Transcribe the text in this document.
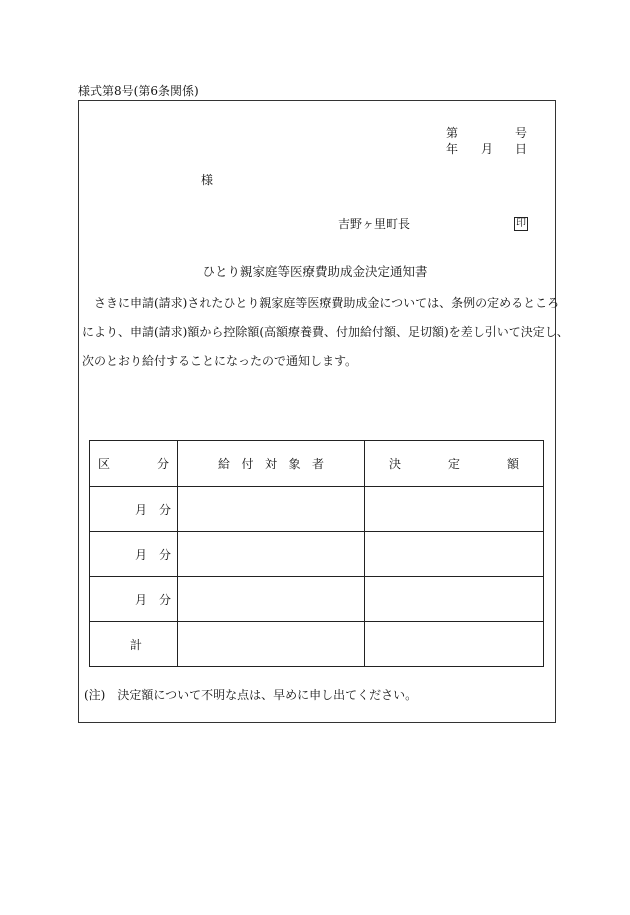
様式第8号(第6条関係)
第	号
年 月 日
様
吉野ヶ里町長	印
ひとり親家庭等医療費助成金決定通知書

さきに申請(請求)されたひとり親家庭等医療費助成金については、条例の定めるところ

により、申請(請求)額から控除額(高額療養費、付加給付額、足切額)を差し引いて決定し、

次のとおり給付することになったので通知します。

区 分	給 付 対 象 者	決 定 額

月　分		
月　分		
月　分		
計		
(注)　決定額について不明な点は、早めに申し出てください。
